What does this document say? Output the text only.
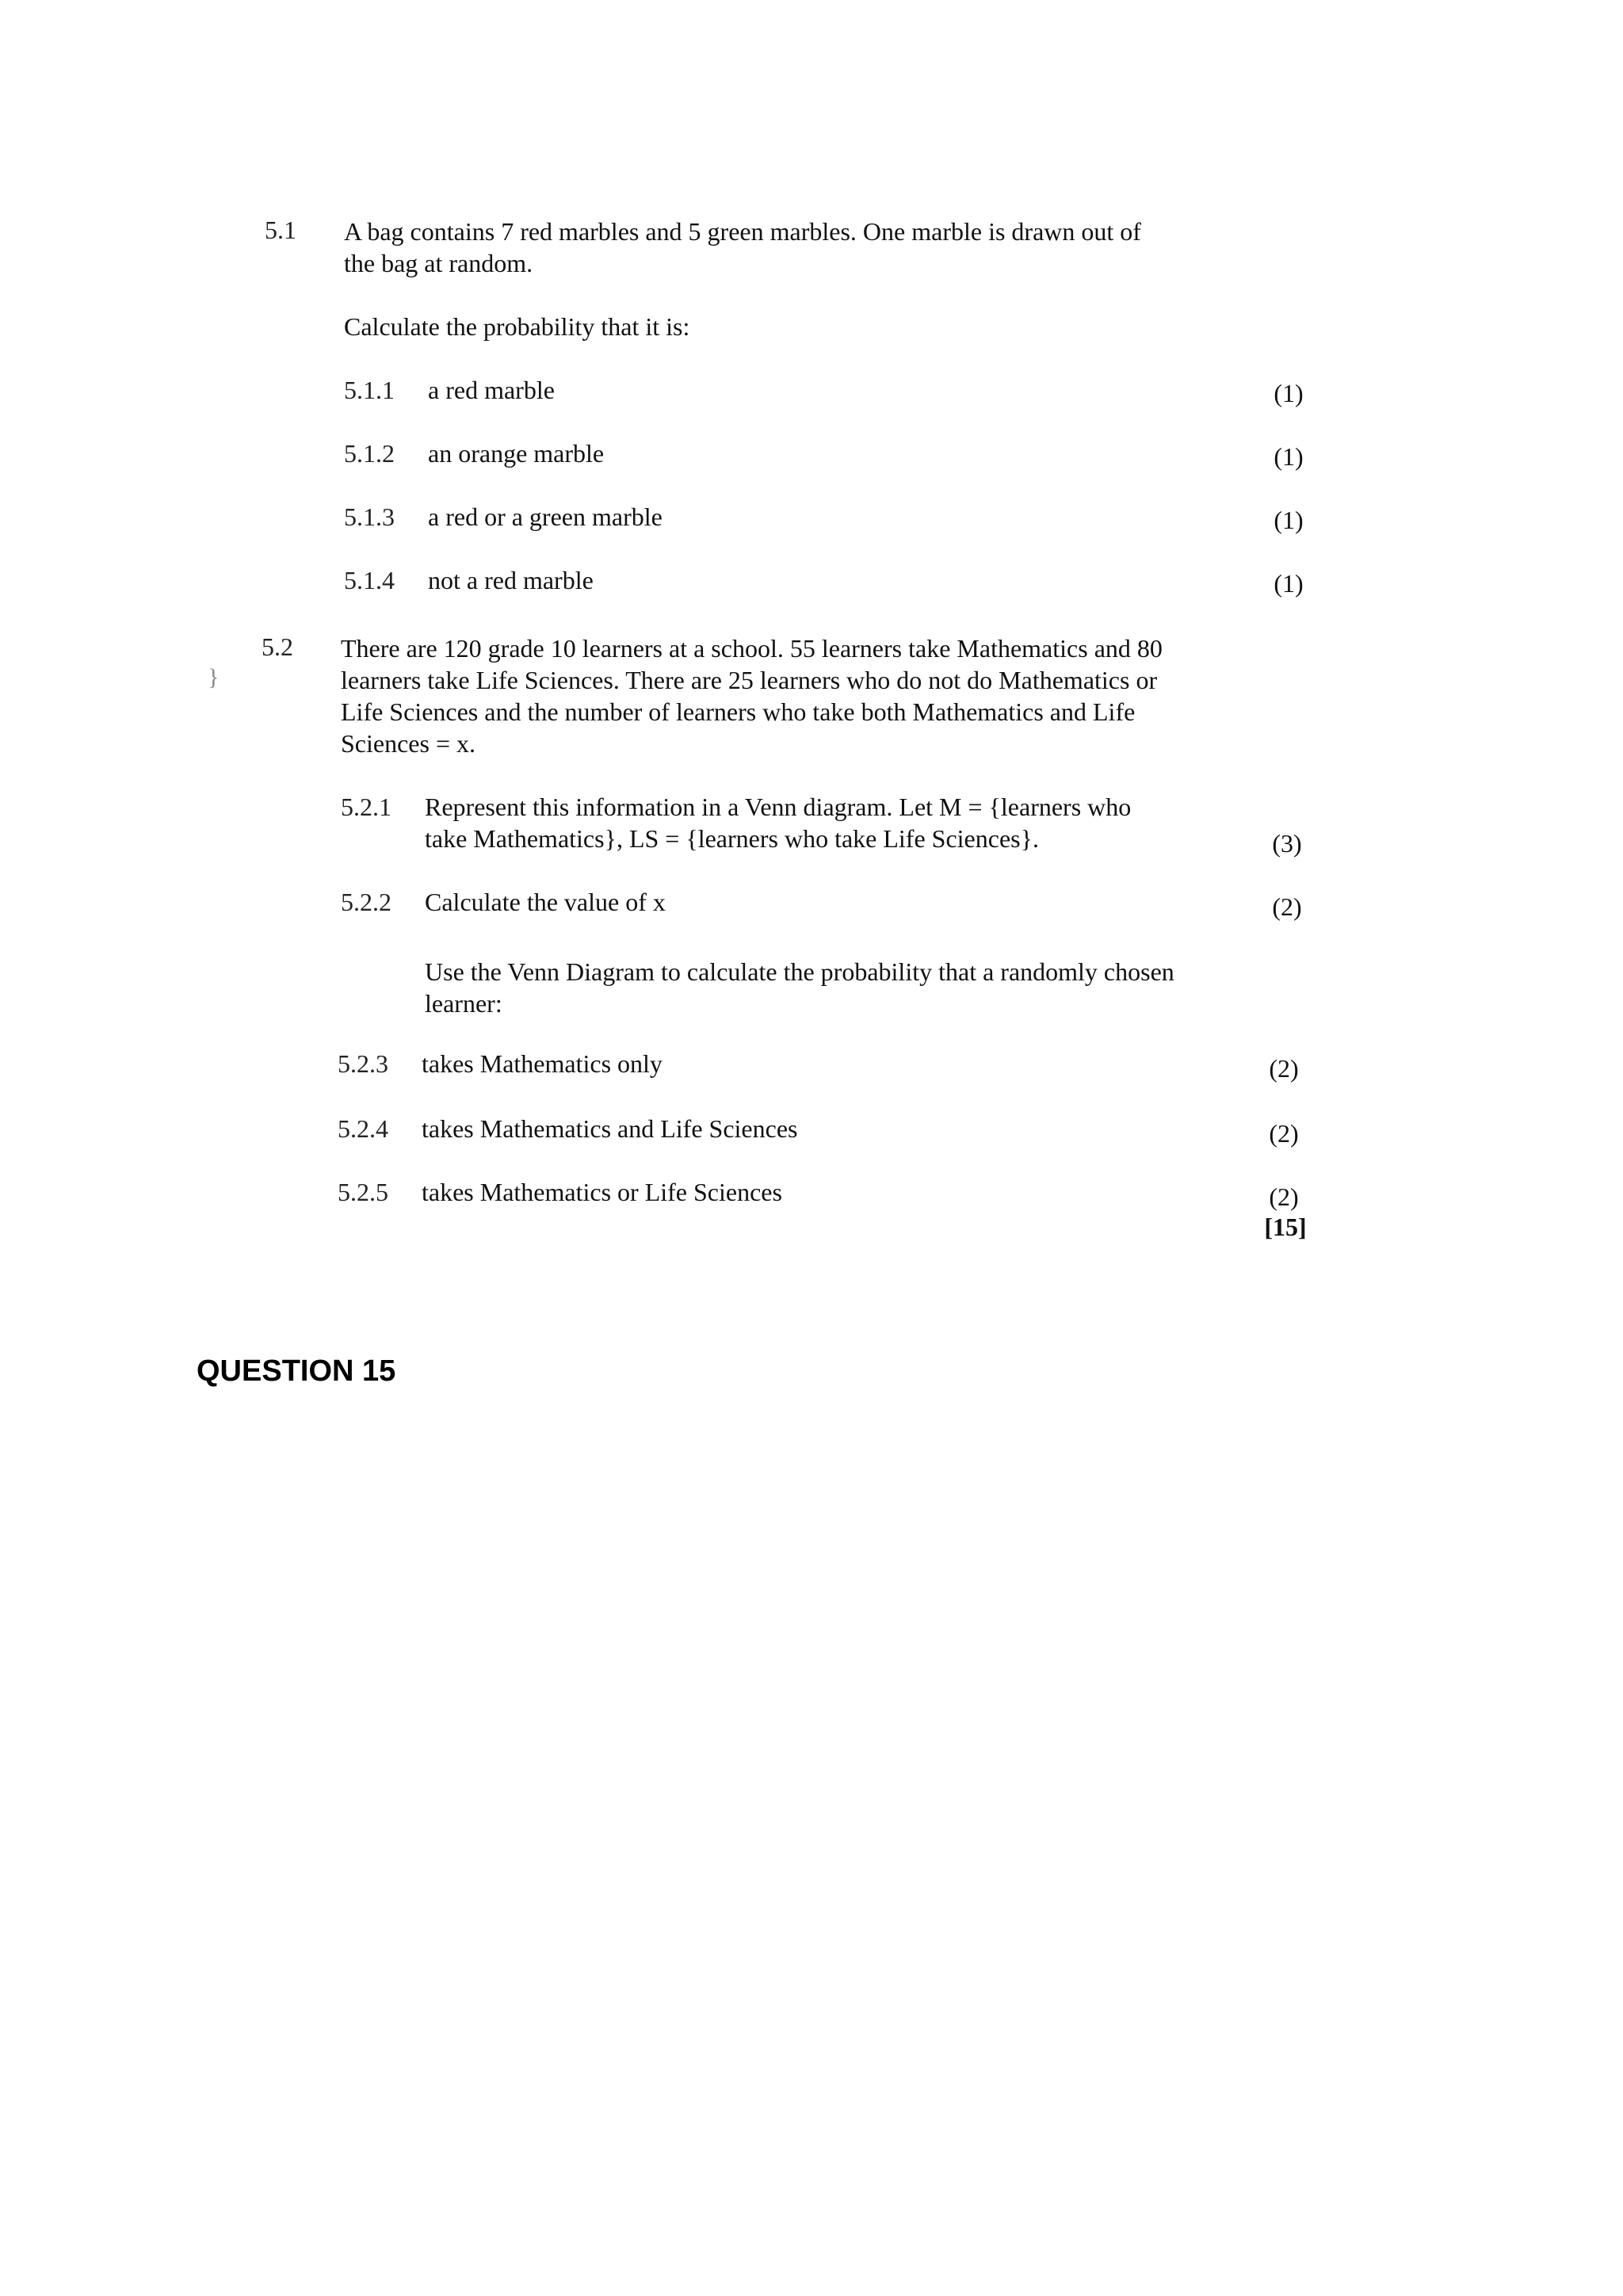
5.1 A bag contains 7 red marbles and 5 green marbles. One marble is drawn out of
the bag at random.
Calculate the probability that it is:
5.1.1 a red marble	(1)
5.1.2 an orange marble	(1)
5.1.3 a red or a green marble	(1)
5.1.4 not a red marble	(1)
}
5.2 There are 120 grade 10 learners at a school. 55 learners take Mathematics and 80
learners take Life Sciences. There are 25 learners who do not do Mathematics or
Life Sciences and the number of learners who take both Mathematics and Life
Sciences = x.
5.2.1 Represent this information in a Venn diagram. Let M = {learners who
take Mathematics}, LS = {learners who take Life Sciences}.	(3)
5.2.2 Calculate the value of x	(2)
Use the Venn Diagram to calculate the probability that a randomly chosen
learner:
5.2.3 takes Mathematics only	(2)
5.2.4 takes Mathematics and Life Sciences	(2)
5.2.5 takes Mathematics or Life Sciences	(2)
[15]
QUESTION 15
